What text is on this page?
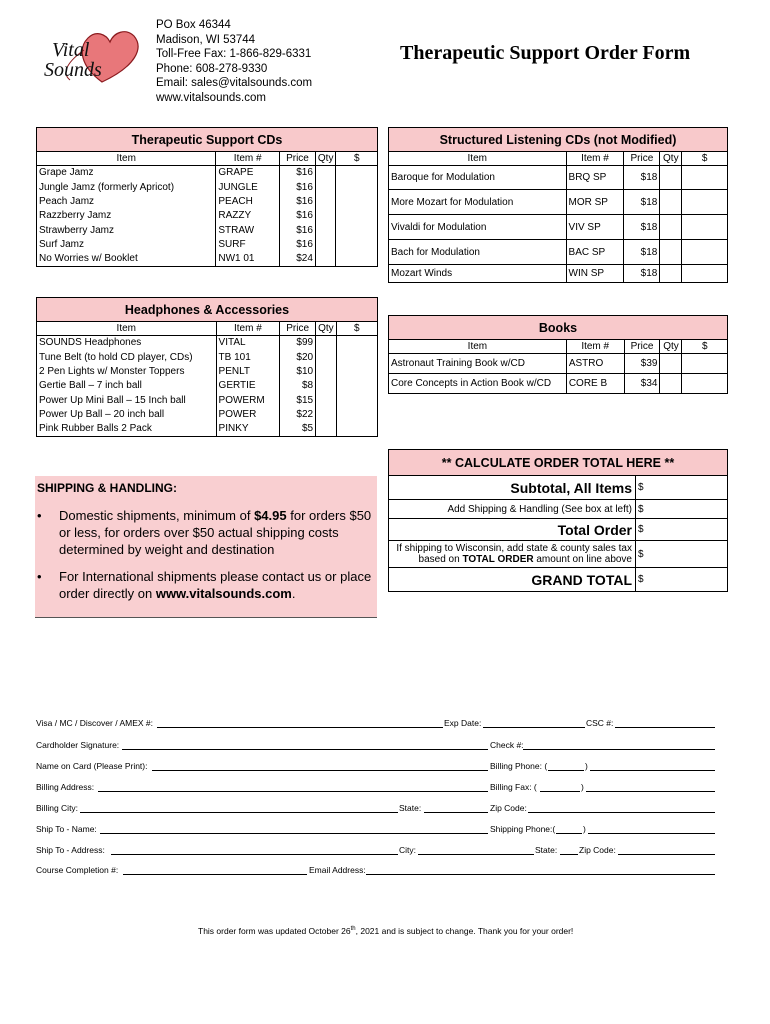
Vital
Sounds
PO Box 46344
Madison, WI 53744
Toll-Free Fax: 1-866-829-6331
Phone: 608-278-9330
Email: sales@vitalsounds.com
www.vitalsounds.com
Therapeutic Support Order Form
Therapeutic Support CDs				
Item	Item #	Price	Qty	$
Grape Jamz	GRAPE	$16		
Jungle Jamz (formerly Apricot)	JUNGLE	$16		
Peach Jamz	PEACH	$16		
Razzberry Jamz	RAZZY	$16		
Strawberry Jamz	STRAW	$16		
Surf Jamz	SURF	$16		
No Worries w/ Booklet	NW1 01	$24		
Structured Listening CDs (not Modified)				
Item	Item #	Price	Qty	$
Baroque for Modulation	BRQ SP	$18		
More Mozart for Modulation	MOR SP	$18		
Vivaldi for Modulation	VIV SP	$18		
Bach for Modulation	BAC SP	$18		
Mozart Winds	WIN SP	$18		
Headphones & Accessories				
Item	Item #	Price	Qty	$
SOUNDS Headphones	VITAL	$99		
Tune Belt (to hold CD player, CDs)	TB 101	$20		
2 Pen Lights w/ Monster Toppers	PENLT	$10		
Gertie Ball – 7 inch ball	GERTIE	$8		
Power Up Mini Ball – 15 Inch ball	POWERM	$15		
Power Up Ball – 20 inch ball	POWER	$22		
Pink Rubber Balls 2 Pack	PINKY	$5		
Books				
Item	Item #	Price	Qty	$
Astronaut Training Book w/CD	ASTRO	$39		
Core Concepts in Action Book w/CD	CORE B	$34		
** CALCULATE ORDER TOTAL HERE **	
Subtotal, All Items	$
Add Shipping & Handling (See box at left)	$
Total Order	$

If shipping to Wisconsin, add state & county sales tax
based on TOTAL ORDER amount on line above	$
GRAND TOTAL	$
SHIPPING & HANDLING:
• Domestic shipments, minimum of $4.95 for orders $50 or less, for orders over $50 actual shipping costs determined by weight and destination
• For International shipments please contact us or place order directly on www.vitalsounds.com.
Visa / MC / Discover / AMEX #:	Exp Date:	CSC #:
Cardholder Signature:	Check #:
Name on Card (Please Print):	Billing Phone: (	)
Billing Address:	Billing Fax: (	)
Billing City:	State:	Zip Code:
Ship To - Name:	Shipping Phone:(	)
Ship To - Address:	City:	State:	Zip Code:
Course Completion #:	Email Address:
This order form was updated October 26th, 2021 and is subject to change. Thank you for your order!
